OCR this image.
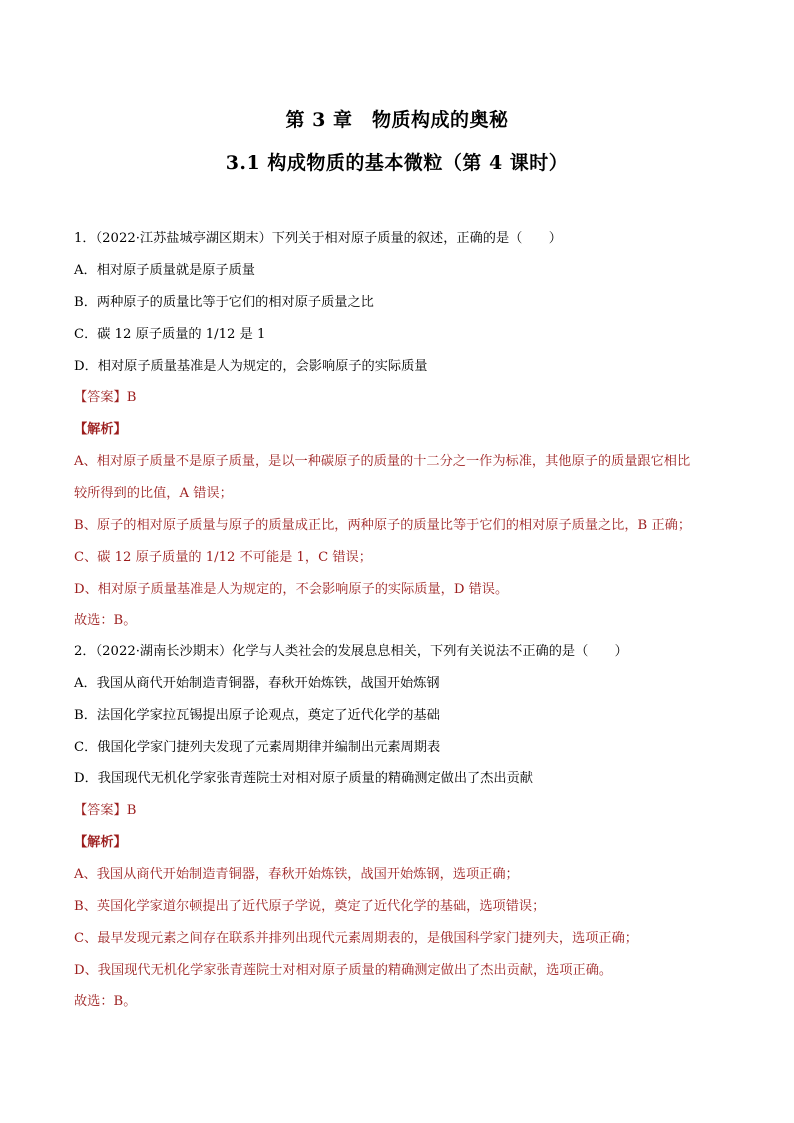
第 3 章　物质构成的奥秘
3.1 构成物质的基本微粒（第 4 课时）
1．（2022·江苏盐城亭湖区期末）下列关于相对原子质量的叙述，正确的是（　　）
A．相对原子质量就是原子质量
B．两种原子的质量比等于它们的相对原子质量之比
C．碳 12 原子质量的 1/12 是 1
D．相对原子质量基准是人为规定的，会影响原子的实际质量
【答案】B
【解析】
A、相对原子质量不是原子质量，是以一种碳原子的质量的十二分之一作为标准，其他原子的质量跟它相比
较所得到的比值，A 错误；
B、原子的相对原子质量与原子的质量成正比，两种原子的质量比等于它们的相对原子质量之比，B 正确；
C、碳 12 原子质量的 1/12 不可能是 1，C 错误；
D、相对原子质量基准是人为规定的，不会影响原子的实际质量，D 错误。
故选：B。
2．（2022·湖南长沙期末）化学与人类社会的发展息息相关，下列有关说法不正确的是（　　）
A．我国从商代开始制造青铜器，春秋开始炼铁，战国开始炼钢
B．法国化学家拉瓦锡提出原子论观点，奠定了近代化学的基础
C．俄国化学家门捷列夫发现了元素周期律并编制出元素周期表
D．我国现代无机化学家张青莲院士对相对原子质量的精确测定做出了杰出贡献
【答案】B
【解析】
A、我国从商代开始制造青铜器，春秋开始炼铁，战国开始炼钢，选项正确；
B、英国化学家道尔顿提出了近代原子学说，奠定了近代化学的基础，选项错误；
C、最早发现元素之间存在联系并排列出现代元素周期表的，是俄国科学家门捷列夫，选项正确；
D、我国现代无机化学家张青莲院士对相对原子质量的精确测定做出了杰出贡献，选项正确。
故选：B。
